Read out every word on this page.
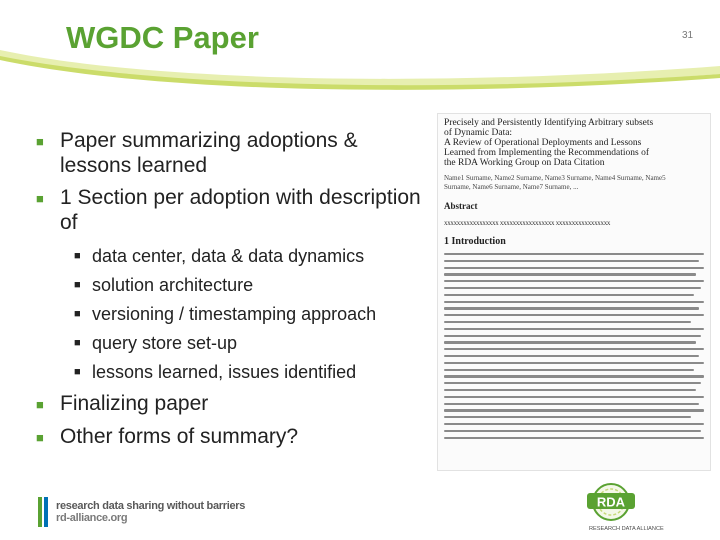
WGDC Paper	31
■ Paper summarizing adoptions & lessons learned
■ 1 Section per adoption with description of
■ data center, data & data dynamics
■ solution architecture
■ versioning / timestamping approach
■ query store set-up
■ lessons learned, issues identified
■ Finalizing paper
■ Other forms of summary?
Precisely and Persistently Identifying Arbitrary subsets
of Dynamic Data:
A Review of Operational Deployments and Lessons
Learned from Implementing the Recommendations of
the RDA Working Group on Data Citation
Name1 Surname, Name2 Surname, Name3 Surname, Name4 Surname, Name5
Surname, Name6 Surname, Name7 Surname, ...
Abstract
xxxxxxxxxxxxxxxxx xxxxxxxxxxxxxxxxx xxxxxxxxxxxxxxxxx
1 Introduction
research data sharing without barriers
rd-alliance.org
RDA
RESEARCH DATA ALLIANCE
